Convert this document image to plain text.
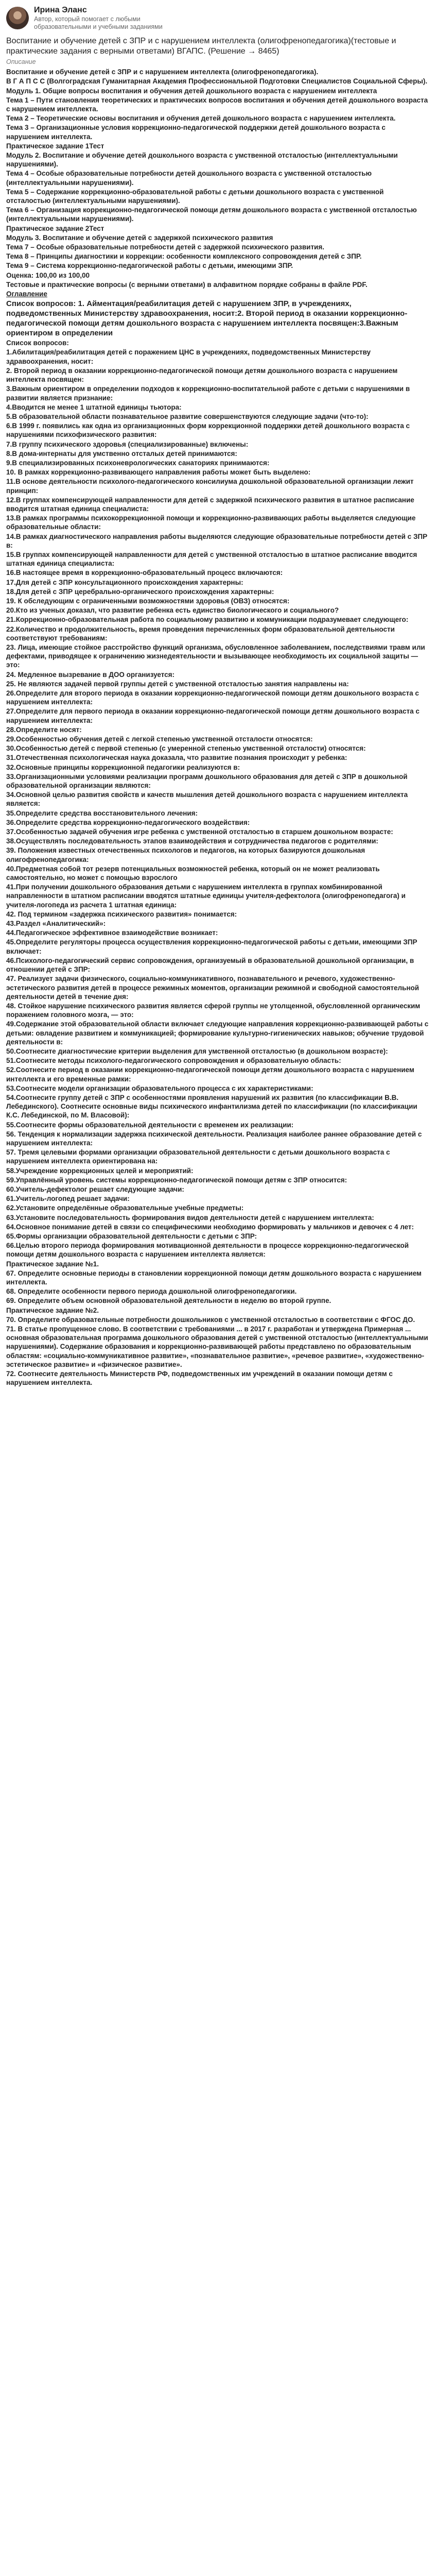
Ирина Эланс
Автор, который помогает с любыми образовательными и учебными заданиями
Воспитание и обучение детей с ЗПР и с нарушением интеллекта (олигофренопедагогика)(тестовые и практические задания с верными ответами) ВГАПС. (Решение → 8465)
Описание
Воспитание и обучение детей с ЗПР и с нарушением интеллекта (олигофренопедагогика).
В Г А П С С (Волгоградская Гуманитарная Академия Профессиональной Подготовки Специалистов Социальной Сферы).
Модуль 1. Общие вопросы воспитания и обучения детей дошкольного возраста с нарушением интеллекта
Тема 1 – Пути становления теоретических и практических вопросов воспитания и обучения детей дошкольного возраста с нарушением интеллекта.
Тема 2 – Теоретические основы воспитания и обучения детей дошкольного возраста с нарушением интеллекта.
Тема 3 – Организационные условия коррекционно-педагогической поддержки детей дошкольного возраста с нарушением интеллекта.
Практическое задание 1Тест
Модуль 2. Воспитание и обучение детей дошкольного возраста с умственной отсталостью (интеллектуальными нарушениями).
Тема 4 – Особые образовательные потребности детей дошкольного возраста с умственной отсталостью (интеллектуальными нарушениями).
Тема 5 – Содержание коррекционно-образовательной работы с детьми дошкольного возраста с умственной отсталостью (интеллектуальными нарушениями).
Тема 6 – Организация коррекционно-педагогической помощи детям дошкольного возраста с умственной отсталостью (интеллектуальными нарушениями).
Практическое задание 2Тест
Модуль 3. Воспитание и обучение детей с задержкой психического развития
Тема 7 – Особые образовательные потребности детей с задержкой психического развития.
Тема 8 – Принципы диагностики и коррекции: особенности комплексного сопровождения детей с ЗПР.
Тема 9 – Система коррекционно-педагогической работы с детьми, имеющими ЗПР.
Оценка: 100,00 из 100,00
Тестовые и практические вопросы (с верными ответами) в алфавитном порядке собраны в файле PDF.
Оглавление
Список вопросов: 1. Айментация/реабилитация детей с нарушением ЗПР, в учреждениях, подведомственных Министерству здравоохранения, носит:2. Второй период в оказании коррекционно-педагогической помощи детям дошкольного возраста с нарушением интеллекта посвящен:3.Важным ориентиром в определении
Список вопросов:
1.Абилитация/реабилитация детей с поражением ЦНС в учреждениях, подведомственных Министерству здравоохранения, носит:
2. Второй период в оказании коррекционно-педагогической помощи детям дошкольного возраста с нарушением интеллекта посвящен:
3.Важным ориентиром в определении подходов к коррекционно-воспитательной работе с детьми с нарушениями в развитии является признание:
4.Вводится не менее 1 штатной единицы тьютора:
5.В образовательной области познавательное развитие совершенствуются следующие задачи (что-то):
6.В 1999 г. появились как одна из организационных форм коррекционной поддержки детей дошкольного возраста с нарушениями психофизического развития:
7.В группу психического здоровья (специализированные) включены:
8.В дома-интернаты для умственно отсталых детей принимаются:
9.В специализированных психоневрологических санаториях принимаются:
10. В рамках коррекционно-развивающего направления работы может быть выделено:
11.В основе деятельности психолого-педагогического консилиума дошкольной образовательной организации лежит принцип:
12.В группах компенсирующей направленности для детей с задержкой психического развития в штатное расписание вводится штатная единица специалиста:
13.В рамках программы психокоррекционной помощи и коррекционно-развивающих работы выделяется следующие образовательные области:
14.В рамках диагностического направления работы выделяются следующие образовательные потребности детей с ЗПР в:
15.В группах компенсирующей направленности для детей с умственной отсталостью в штатное расписание вводится штатная единица специалиста:
16.В настоящее время в коррекционно-образовательный процесс включаются:
17.Для детей с ЗПР консультационного происхождения характерны:
18.Для детей с ЗПР церебрально-органического происхождения характерны:
19. К обследующим с ограниченными возможностями здоровья (ОВЗ) относятся:
20.Кто из ученых доказал, что развитие ребенка есть единство биологического и социального?
21.Коррекционно-образовательная работа по социальному развитию и коммуникации подразумевает следующего:
22.Количество и продолжительность, время проведения перечисленных форм образовательной деятельности соответствуют требованиям:
23. Лица, имеющие стойкое расстройство функций организма, обусловленное заболеванием, последствиями травм или дефектами, приводящее к ограничению жизнедеятельности и вызывающее необходимость их социальной защиты — это:
24. Медленное вызревание в ДОО организуется:
25. Не являются задачей первой группы детей с умственной отсталостью занятия направлены на:
26.Определите для второго периода в оказании коррекционно-педагогической помощи детям дошкольного возраста с нарушением интеллекта:
27.Определите для первого периода в оказании коррекционно-педагогической помощи детям дошкольного возраста с нарушением интеллекта:
28.Определите носят:
29.Особенностью обучения детей с легкой степенью умственной отсталости относятся:
30.Особенностью детей с первой степенью (с умеренной степенью умственной отсталости) относятся:
31.Отечественная психологическая наука доказала, что развитие познания происходит у ребенка:
32.Основные принципы коррекционной педагогики реализуются в:
33.Организационными условиями реализации программ дошкольного образования для детей с ЗПР в дошкольной образовательной организации являются:
34.Основной целью развития свойств и качеств мышления детей дошкольного возраста с нарушением интеллекта является:
35.Определите средства восстановительного лечения:
36.Определите средства коррекционно-педагогического воздействия:
37.Особенностью задачей обучения игре ребенка с умственной отсталостью в старшем дошкольном возрасте:
38.Осуществлять последовательность этапов взаимодействия и сотрудничества педагогов с родителями:
39. Положения известных отечественных психологов и педагогов, на которых базируются дошкольная олигофренопедагогика:
40.Предметная собой тот резерв потенциальных возможностей ребенка, который он не может реализовать самостоятельно, но может с помощью взрослого
41.При получении дошкольного образования детьми с нарушением интеллекта в группах комбинированной направленности в штатном расписании вводятся штатные единицы учителя-дефектолога (олигофренопедагога) и учителя-логопеда из расчета 1 штатная единица:
42. Под термином «задержка психического развития» понимается:
43.Раздел «Аналитический»:
44.Педагогическое эффективное взаимодействие возникает:
45.Определите регуляторы процесса осуществления коррекционно-педагогической работы с детьми, имеющими ЗПР включает:
46.Психолого-педагогический сервис сопровождения, организуемый в образовательной дошкольной организации, в отношении детей с ЗПР:
47. Реализует задачи физического, социально-коммуникативного, познавательного и речевого, художественно-эстетического развития детей в процессе режимных моментов, организации режимной и свободной самостоятельной деятельности детей в течение дня:
48. Стойкое нарушение психического развития является сферой группы не утолщенной, обусловленной органическим поражением головного мозга, — это:
49.Содержание этой образовательной области включает следующие направления коррекционно-развивающей работы с детьми: овладение развитием и коммуникацией; формирование культурно-гигиенических навыков; обучение трудовой деятельности в:
50.Соотнесите диагностические критерии выделения для умственной отсталостью (в дошкольном возрасте):
51.Соотнесите методы психолого-педагогического сопровождения и образовательную область:
52.Соотнесите период в оказании коррекционно-педагогической помощи детям дошкольного возраста с нарушением интеллекта и его временные рамки:
53.Соотнесите модели организации образовательного процесса с их характеристиками:
54.Соотнесите группу детей с ЗПР с особенностями проявления нарушений их развития (по классификации В.В. Лебединского). Соотнесите основные виды психического инфантилизма детей по классификации (по классификации К.С. Лебединской, по М. Власовой):
55.Соотнесите формы образовательной деятельности с временем их реализации:
56. Тенденция к нормализации задержка психической деятельности. Реализация наиболее раннее образование детей с нарушением интеллекта:
57. Тремя целевыми формами организации образовательной деятельности с детьми дошкольного возраста с нарушением интеллекта ориентирована на:
58.Учреждение коррекционных целей и мероприятий:
59.Управлённый уровень системы коррекционно-педагогической помощи детям с ЗПР относится:
60.Учитель-дефектолог решает следующие задачи:
61.Учитель-логопед решает задачи:
62.Установите определённые образовательные учебные предметы:
63.Установите последовательность формирования видов деятельности детей с нарушением интеллекта:
64.Основное понимание детей в связи со специфическими необходимо формировать у мальчиков и девочек с 4 лет:
65.Формы организации образовательной деятельности с детьми с ЗПР:
66.Целью второго периода формирования мотивационной деятельности в процессе коррекционно-педагогической помощи детям дошкольного возраста с нарушением интеллекта является:
Практическое задание №1.
67. Определите основные периоды в становлении коррекционной помощи детям дошкольного возраста с нарушением интеллекта.
68. Определите особенности первого периода дошкольной олигофренопедагогики.
69. Определите объем основной образовательной деятельности в неделю во второй группе.
Практическое задание №2.
70. Определите образовательные потребности дошкольников с умственной отсталостью в соответствии с ФГОС ДО.
71. В статье пропущенное слово. В соответствии с требованиями ... в 2017 г. разработан и утверждена Примерная ... основная образовательная программа дошкольного образования детей с умственной отсталостью (интеллектуальными нарушениями). Содержание образования и коррекционно-развивающей работы представлено по образовательным областям: «социально-коммуникативное развитие», «познавательное развитие», «речевое развитие», «художественно-эстетическое развитие» и «физическое развитие».
72. Соотнесите деятельность Министерств РФ, подведомственных им учреждений в оказании помощи детям с нарушением интеллекта.
